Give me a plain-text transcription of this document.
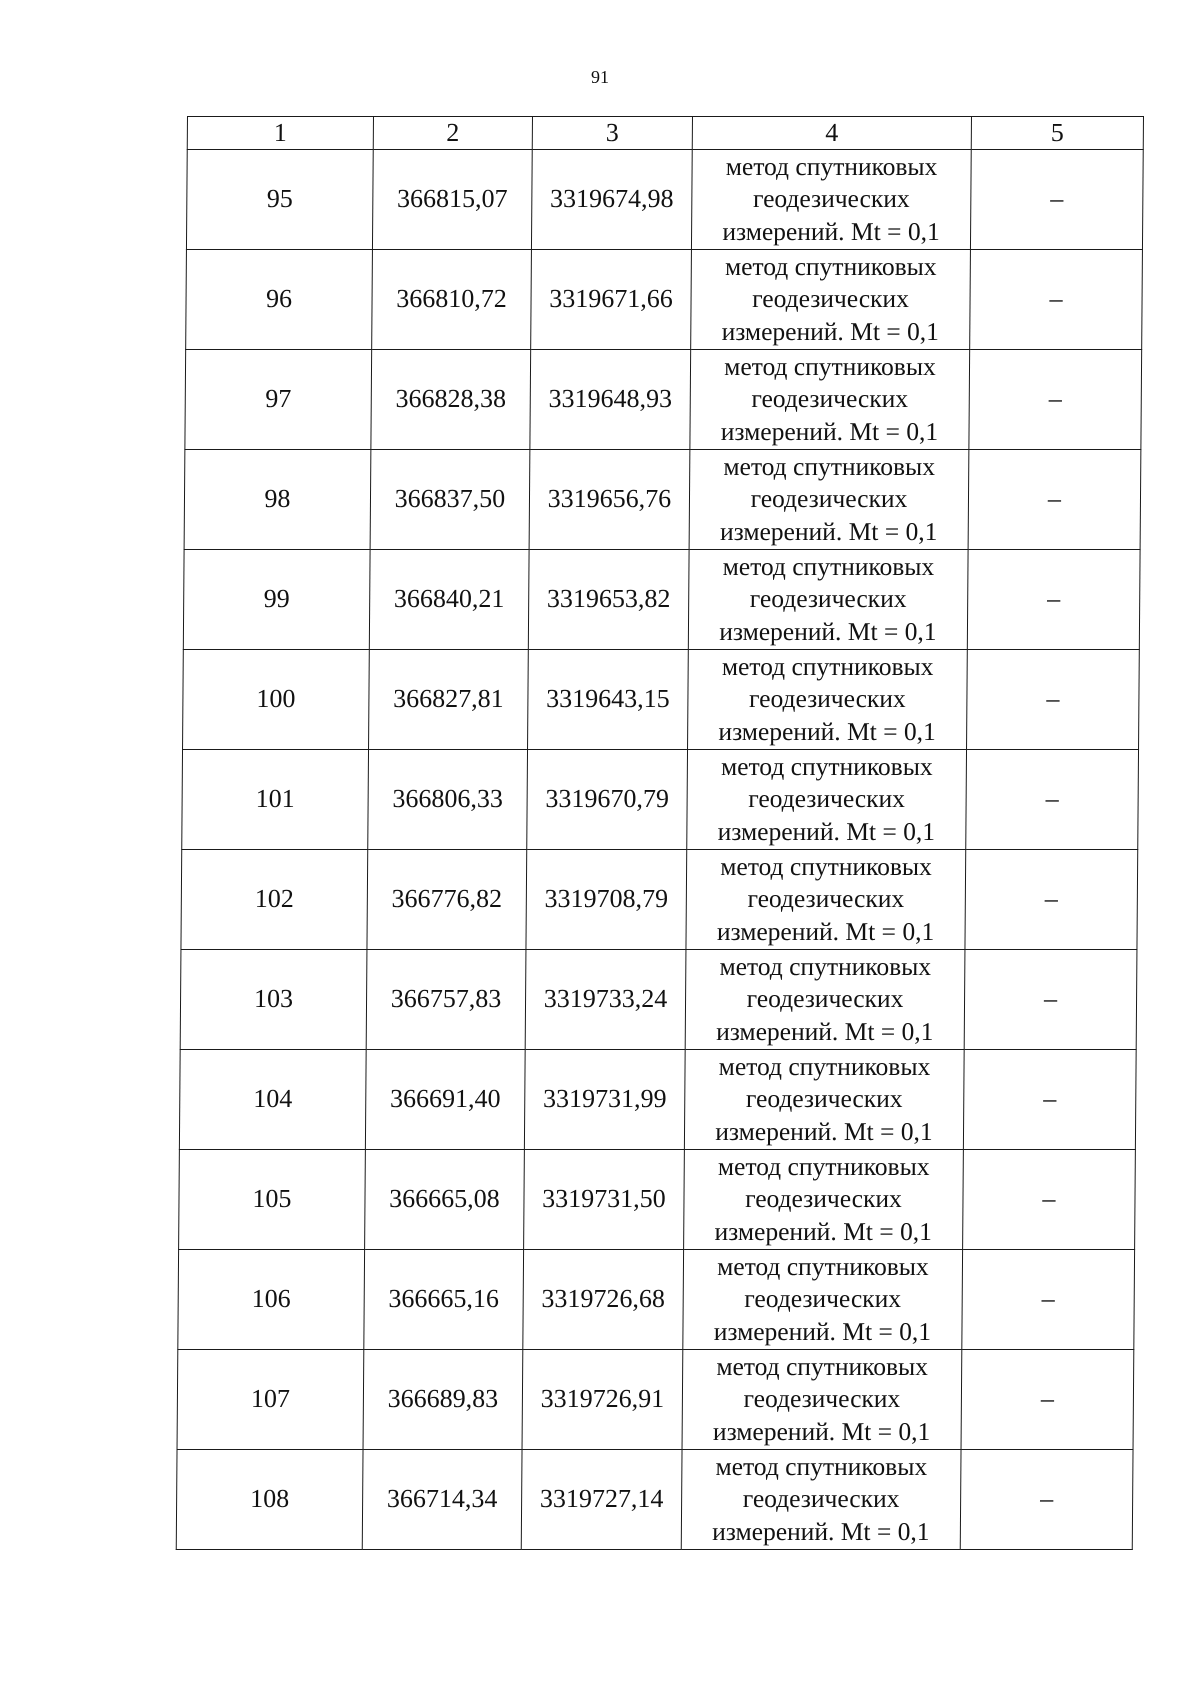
91
1	2	3	4	5
95	366815,07	3319674,98	метод спутниковых
геодезических
измерений. Mt = 0,1	–
96	366810,72	3319671,66	метод спутниковых
геодезических
измерений. Mt = 0,1	–
97	366828,38	3319648,93	метод спутниковых
геодезических
измерений. Mt = 0,1	–
98	366837,50	3319656,76	метод спутниковых
геодезических
измерений. Mt = 0,1	–
99	366840,21	3319653,82	метод спутниковых
геодезических
измерений. Mt = 0,1	–
100	366827,81	3319643,15	метод спутниковых
геодезических
измерений. Mt = 0,1	–
101	366806,33	3319670,79	метод спутниковых
геодезических
измерений. Mt = 0,1	–
102	366776,82	3319708,79	метод спутниковых
геодезических
измерений. Mt = 0,1	–
103	366757,83	3319733,24	метод спутниковых
геодезических
измерений. Mt = 0,1	–
104	366691,40	3319731,99	метод спутниковых
геодезических
измерений. Mt = 0,1	–
105	366665,08	3319731,50	метод спутниковых
геодезических
измерений. Mt = 0,1	–
106	366665,16	3319726,68	метод спутниковых
геодезических
измерений. Mt = 0,1	–
107	366689,83	3319726,91	метод спутниковых
геодезических
измерений. Mt = 0,1	–
108	366714,34	3319727,14	метод спутниковых
геодезических
измерений. Mt = 0,1	–
